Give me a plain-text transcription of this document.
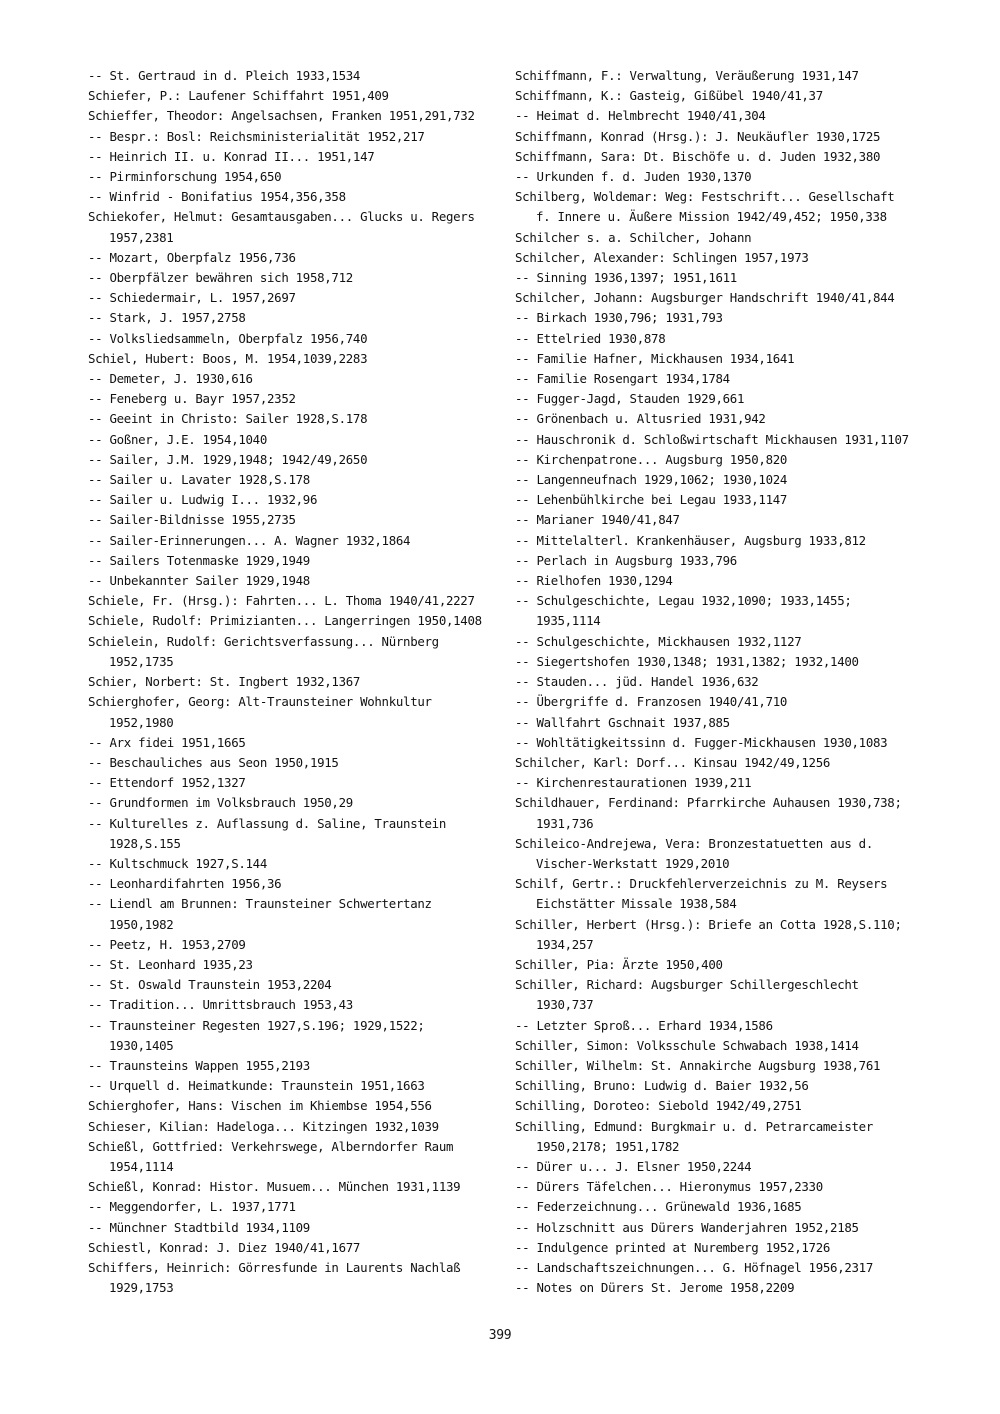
-- St. Gertraud in d. Pleich 1933,1534
Schiefer, P.: Laufener Schiffahrt 1951,409
Schieffer, Theodor: Angelsachsen, Franken 1951,291,732
-- Bespr.: Bosl: Reichsministerialität 1952,217
-- Heinrich II. u. Konrad II... 1951,147
-- Pirminforschung 1954,650
-- Winfrid - Bonifatius 1954,356,358
Schiekofer, Helmut: Gesamtausgaben... Glucks u. Regers
1957,2381
-- Mozart, Oberpfalz 1956,736
-- Oberpfälzer bewähren sich 1958,712
-- Schiedermair, L. 1957,2697
-- Stark, J. 1957,2758
-- Volksliedsammeln, Oberpfalz 1956,740
Schiel, Hubert: Boos, M. 1954,1039,2283
-- Demeter, J. 1930,616
-- Feneberg u. Bayr 1957,2352
-- Geeint in Christo: Sailer 1928,S.178
-- Goßner, J.E. 1954,1040
-- Sailer, J.M. 1929,1948; 1942/49,2650
-- Sailer u. Lavater 1928,S.178
-- Sailer u. Ludwig I... 1932,96
-- Sailer-Bildnisse 1955,2735
-- Sailer-Erinnerungen... A. Wagner 1932,1864
-- Sailers Totenmaske 1929,1949
-- Unbekannter Sailer 1929,1948
Schiele, Fr. (Hrsg.): Fahrten... L. Thoma 1940/41,2227
Schiele, Rudolf: Primizianten... Langerringen 1950,1408
Schielein, Rudolf: Gerichtsverfassung... Nürnberg
1952,1735
Schier, Norbert: St. Ingbert 1932,1367
Schierghofer, Georg: Alt-Traunsteiner Wohnkultur
1952,1980
-- Arx fidei 1951,1665
-- Beschauliches aus Seon 1950,1915
-- Ettendorf 1952,1327
-- Grundformen im Volksbrauch 1950,29
-- Kulturelles z. Auflassung d. Saline, Traunstein
1928,S.155
-- Kultschmuck 1927,S.144
-- Leonhardifahrten 1956,36
-- Liendl am Brunnen: Traunsteiner Schwertertanz
1950,1982
-- Peetz, H. 1953,2709
-- St. Leonhard 1935,23
-- St. Oswald Traunstein 1953,2204
-- Tradition... Umrittsbrauch 1953,43
-- Traunsteiner Regesten 1927,S.196; 1929,1522;
1930,1405
-- Traunsteins Wappen 1955,2193
-- Urquell d. Heimatkunde: Traunstein 1951,1663
Schierghofer, Hans: Vischen im Khiembse 1954,556
Schieser, Kilian: Hadeloga... Kitzingen 1932,1039
Schießl, Gottfried: Verkehrswege, Alberndorfer Raum
1954,1114
Schießl, Konrad: Histor. Musuem... München 1931,1139
-- Meggendorfer, L. 1937,1771
-- Münchner Stadtbild 1934,1109
Schiestl, Konrad: J. Diez 1940/41,1677
Schiffers, Heinrich: Görresfunde in Laurents Nachlaß
1929,1753
Schiffmann, F.: Verwaltung, Veräußerung 1931,147
Schiffmann, K.: Gasteig, Gißübel 1940/41,37
-- Heimat d. Helmbrecht 1940/41,304
Schiffmann, Konrad (Hrsg.): J. Neukäufler 1930,1725
Schiffmann, Sara: Dt. Bischöfe u. d. Juden 1932,380
-- Urkunden f. d. Juden 1930,1370
Schilberg, Woldemar: Weg: Festschrift... Gesellschaft
f. Innere u. Äußere Mission 1942/49,452; 1950,338
Schilcher s. a. Schilcher, Johann
Schilcher, Alexander: Schlingen 1957,1973
-- Sinning 1936,1397; 1951,1611
Schilcher, Johann: Augsburger Handschrift 1940/41,844
-- Birkach 1930,796; 1931,793
-- Ettelried 1930,878
-- Familie Hafner, Mickhausen 1934,1641
-- Familie Rosengart 1934,1784
-- Fugger-Jagd, Stauden 1929,661
-- Grönenbach u. Altusried 1931,942
-- Hauschronik d. Schloßwirtschaft Mickhausen 1931,1107
-- Kirchenpatrone... Augsburg 1950,820
-- Langenneufnach 1929,1062; 1930,1024
-- Lehenbühlkirche bei Legau 1933,1147
-- Marianer 1940/41,847
-- Mittelalterl. Krankenhäuser, Augsburg 1933,812
-- Perlach in Augsburg 1933,796
-- Rielhofen 1930,1294
-- Schulgeschichte, Legau 1932,1090; 1933,1455;
1935,1114
-- Schulgeschichte, Mickhausen 1932,1127
-- Siegertshofen 1930,1348; 1931,1382; 1932,1400
-- Stauden... jüd. Handel 1936,632
-- Übergriffe d. Franzosen 1940/41,710
-- Wallfahrt Gschnait 1937,885
-- Wohltätigkeitssinn d. Fugger-Mickhausen 1930,1083
Schilcher, Karl: Dorf... Kinsau 1942/49,1256
-- Kirchenrestaurationen 1939,211
Schildhauer, Ferdinand: Pfarrkirche Auhausen 1930,738;
1931,736
Schileico-Andrejewa, Vera: Bronzestatuetten aus d.
Vischer-Werkstatt 1929,2010
Schilf, Gertr.: Druckfehlerverzeichnis zu M. Reysers
Eichstätter Missale 1938,584
Schiller, Herbert (Hrsg.): Briefe an Cotta 1928,S.110;
1934,257
Schiller, Pia: Ärzte 1950,400
Schiller, Richard: Augsburger Schillergeschlecht
1930,737
-- Letzter Sproß... Erhard 1934,1586
Schiller, Simon: Volksschule Schwabach 1938,1414
Schiller, Wilhelm: St. Annakirche Augsburg 1938,761
Schilling, Bruno: Ludwig d. Baier 1932,56
Schilling, Doroteo: Siebold 1942/49,2751
Schilling, Edmund: Burgkmair u. d. Petrarcameister
1950,2178; 1951,1782
-- Dürer u... J. Elsner 1950,2244
-- Dürers Täfelchen... Hieronymus 1957,2330
-- Federzeichnung... Grünewald 1936,1685
-- Holzschnitt aus Dürers Wanderjahren 1952,2185
-- Indulgence printed at Nuremberg 1952,1726
-- Landschaftszeichnungen... G. Höfnagel 1956,2317
-- Notes on Dürers St. Jerome 1958,2209
399
